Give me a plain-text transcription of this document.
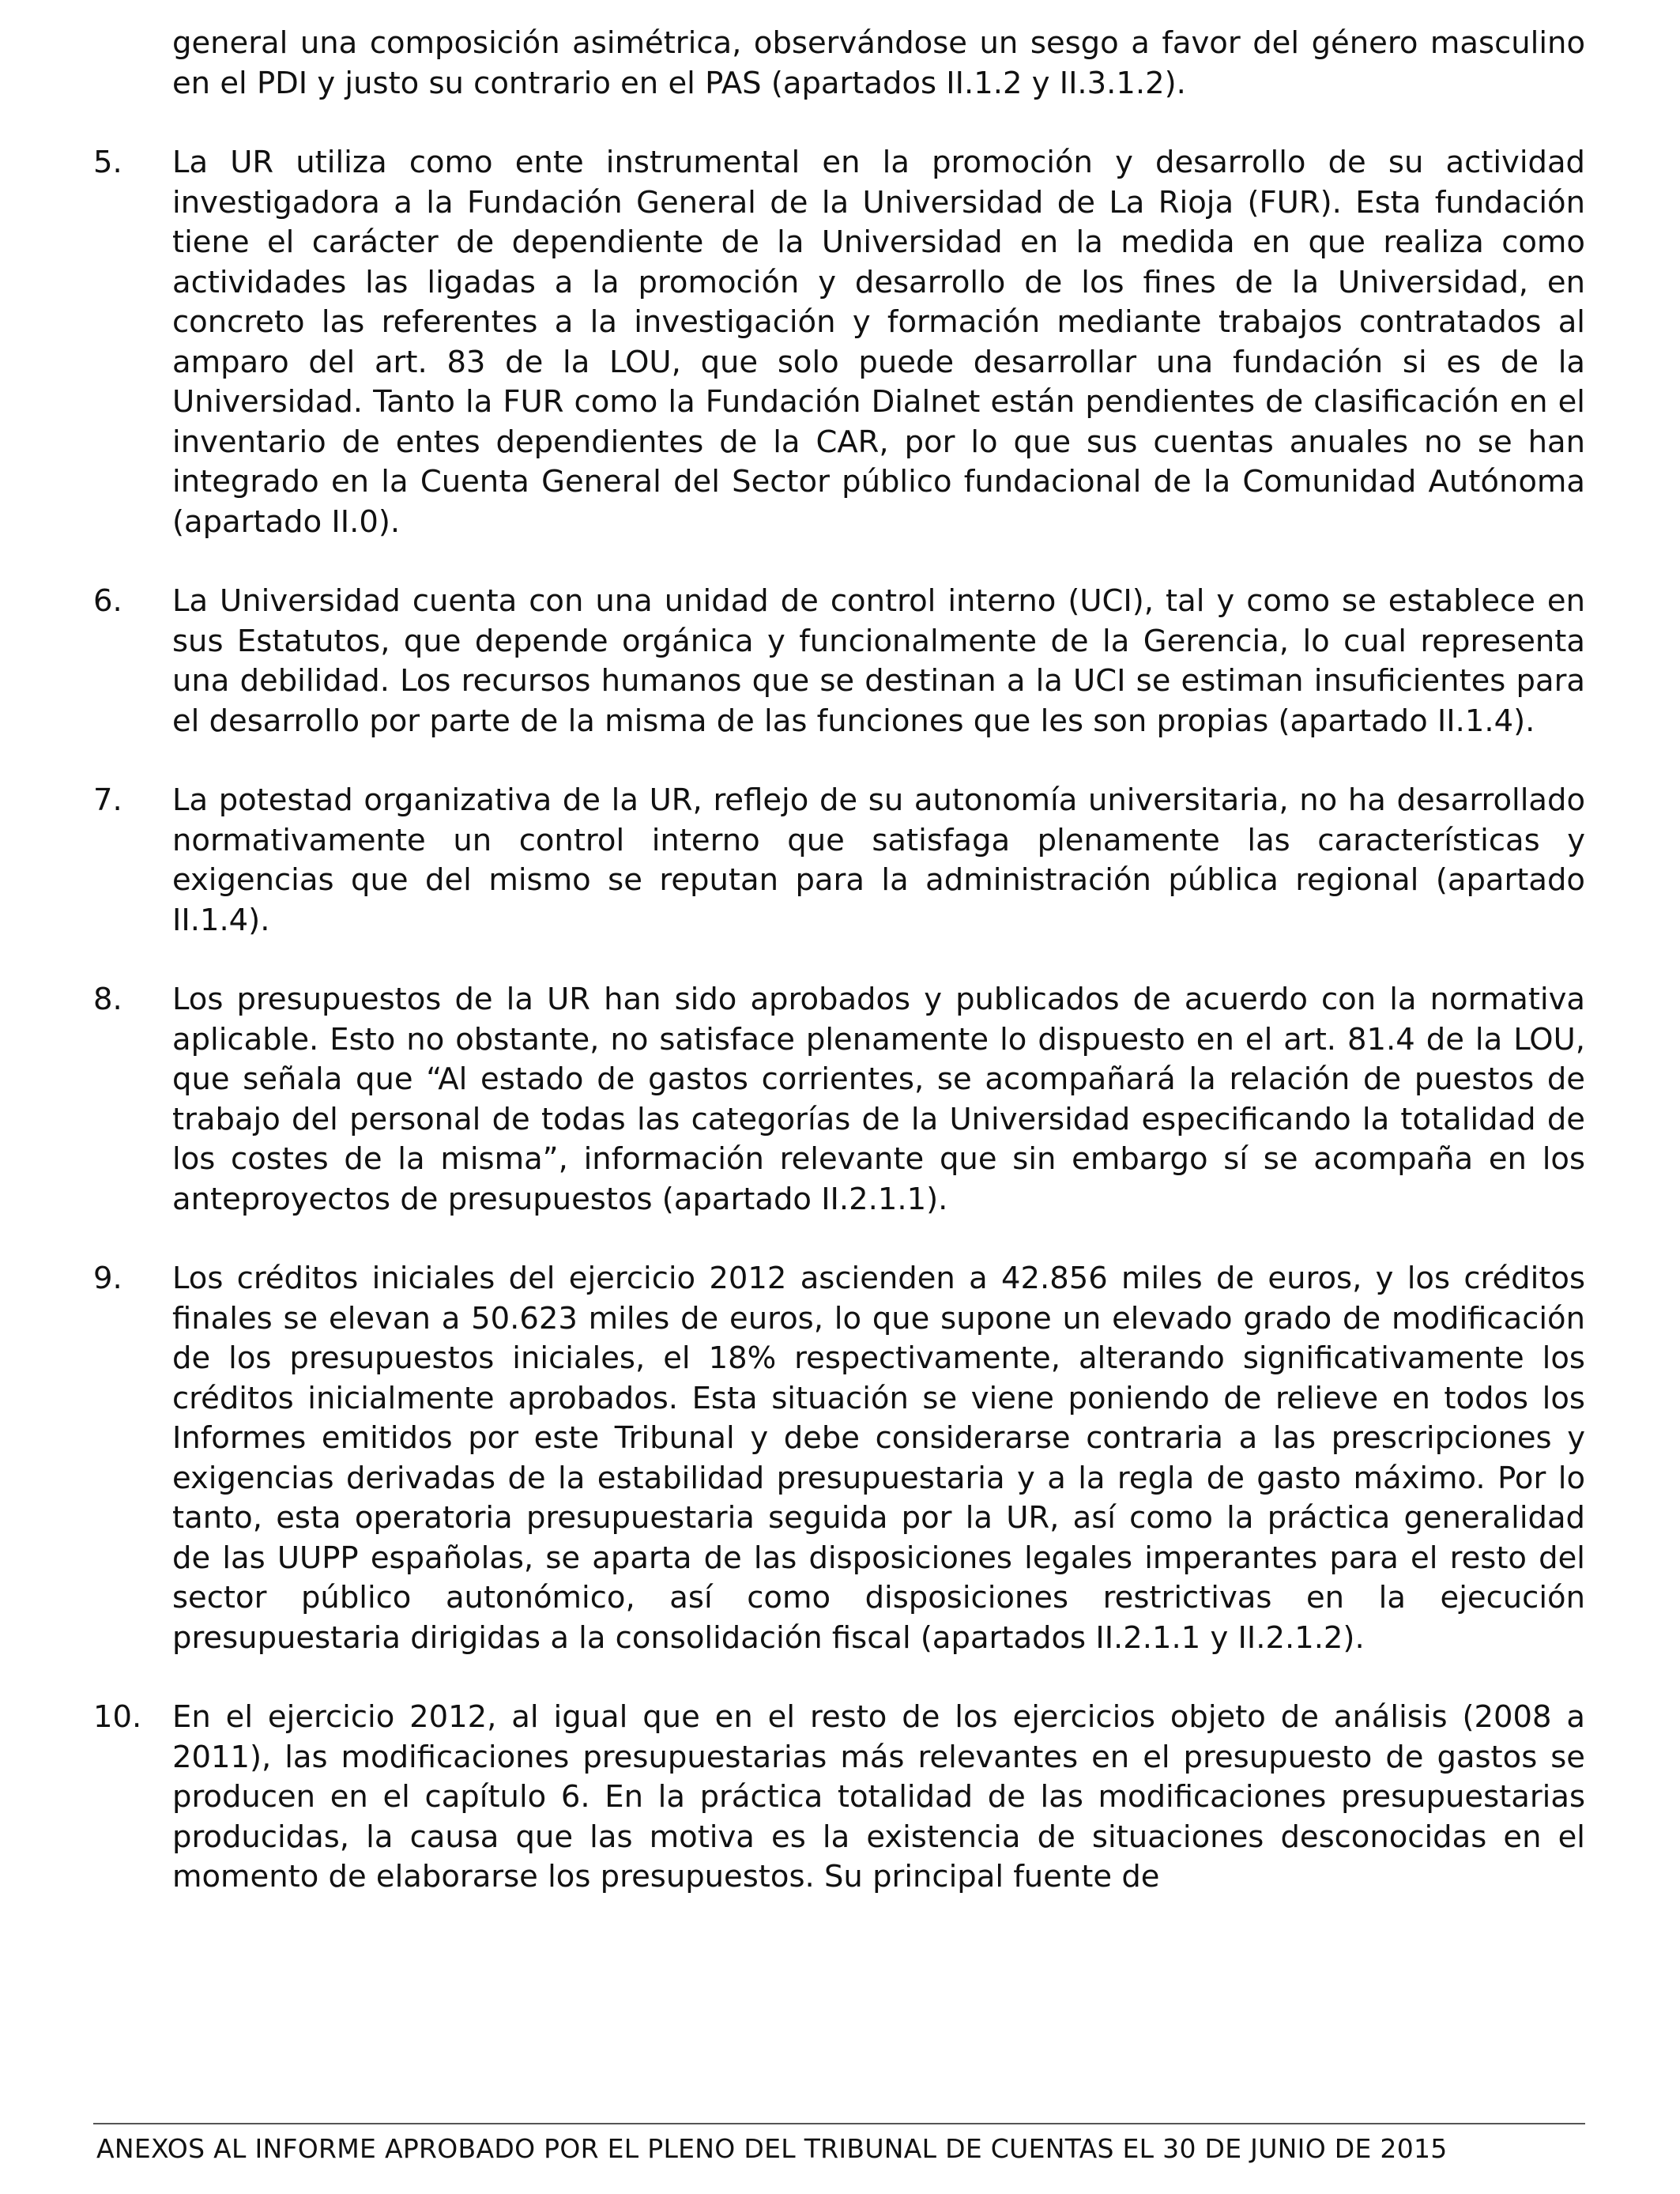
general una composición asimétrica, observándose un sesgo a favor del género masculino en el PDI y justo su contrario en el PAS (apartados II.1.2 y II.3.1.2).
5.	La UR utiliza como ente instrumental en la promoción y desarrollo de su actividad investigadora a la Fundación General de la Universidad de La Rioja (FUR). Esta fundación tiene el carácter de dependiente de la Universidad en la medida en que realiza como actividades las ligadas a la promoción y desarrollo de los fines de la Universidad, en concreto las referentes a la investigación y formación mediante trabajos contratados al amparo del art. 83 de la LOU, que solo puede desarrollar una fundación si es de la Universidad. Tanto la FUR como la Fundación Dialnet están pendientes de clasificación en el inventario de entes dependientes de la CAR, por lo que sus cuentas anuales no se han integrado en la Cuenta General del Sector público fundacional de la Comunidad Autónoma (apartado II.0).
6.	La Universidad cuenta con una unidad de control interno (UCI), tal y como se establece en sus Estatutos, que depende orgánica y funcionalmente de la Gerencia, lo cual representa una debilidad. Los recursos humanos que se destinan a la UCI se estiman insuficientes para el desarrollo por parte de la misma de las funciones que les son propias (apartado II.1.4).
7.	La potestad organizativa de la UR, reflejo de su autonomía universitaria, no ha desarrollado normativamente un control interno que satisfaga plenamente las características y exigencias que del mismo se reputan para la administración pública regional (apartado II.1.4).
8.	Los presupuestos de la UR han sido aprobados y publicados de acuerdo con la normativa aplicable. Esto no obstante, no satisface plenamente lo dispuesto en el art. 81.4 de la LOU, que señala que “Al estado de gastos corrientes, se acompañará la relación de puestos de trabajo del personal de todas las categorías de la Universidad especificando la totalidad de los costes de la misma”, información relevante que sin embargo sí se acompaña en los anteproyectos de presupuestos (apartado II.2.1.1).
9.	Los créditos iniciales del ejercicio 2012 ascienden a 42.856 miles de euros, y los créditos finales se elevan a 50.623 miles de euros, lo que supone un elevado grado de modificación de los presupuestos iniciales, el 18% respectivamente, alterando significativamente los créditos inicialmente aprobados. Esta situación se viene poniendo de relieve en todos los Informes emitidos por este Tribunal y debe considerarse contraria a las prescripciones y exigencias derivadas de la estabilidad presupuestaria y a la regla de gasto máximo. Por lo tanto, esta operatoria presupuestaria seguida por la UR, así como la práctica generalidad de las UUPP españolas, se aparta de las disposiciones legales imperantes para el resto del sector público autonómico, así como disposiciones restrictivas en la ejecución presupuestaria dirigidas a la consolidación fiscal (apartados II.2.1.1 y II.2.1.2).
10.	En el ejercicio 2012, al igual que en el resto de los ejercicios objeto de análisis (2008 a 2011), las modificaciones presupuestarias más relevantes en el presupuesto de gastos se producen en el capítulo 6. En la práctica totalidad de las modificaciones presupuestarias producidas, la causa que las motiva es la existencia de situaciones desconocidas en el momento de elaborarse los presupuestos. Su principal fuente de
ANEXOS AL INFORME APROBADO POR EL PLENO DEL TRIBUNAL DE CUENTAS EL 30 DE JUNIO DE 2015
